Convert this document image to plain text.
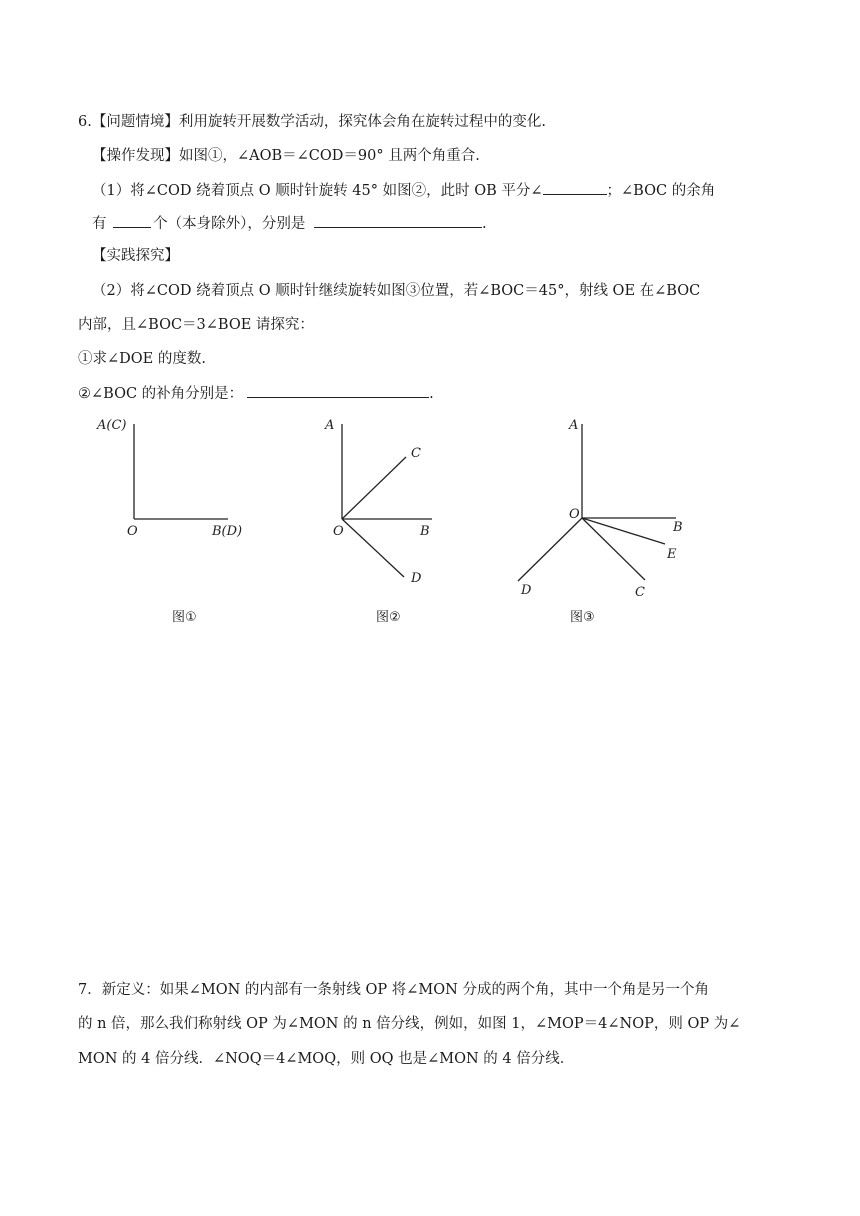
6.【问题情境】利用旋转开展数学活动，探究体会角在旋转过程中的变化.
【操作发现】如图①，∠AOB＝∠COD＝90° 且两个角重合.
（1）将∠COD 绕着顶点 O 顺时针旋转 45° 如图②，此时 OB 平分∠	；∠BOC 的余角
有	个（本身除外），分别是	.
【实践探究】
（2）将∠COD 绕着顶点 O 顺时针继续旋转如图③位置，若∠BOC＝45°，射线 OE 在∠BOC
内部，且∠BOC＝3∠BOE 请探究：
①求∠DOE 的度数.
②∠BOC 的补角分别是：	.
A(C)
O	B(D)
图①
A
C
O	B
D
图②
A
O
B
E
D	C
图③
7．新定义：如果∠MON 的内部有一条射线 OP 将∠MON 分成的两个角，其中一个角是另一个角
的 n 倍，那么我们称射线 OP 为∠MON 的 n 倍分线，例如，如图 1，∠MOP＝4∠NOP，则 OP 为∠
MON 的 4 倍分线．∠NOQ＝4∠MOQ，则 OQ 也是∠MON 的 4 倍分线．
